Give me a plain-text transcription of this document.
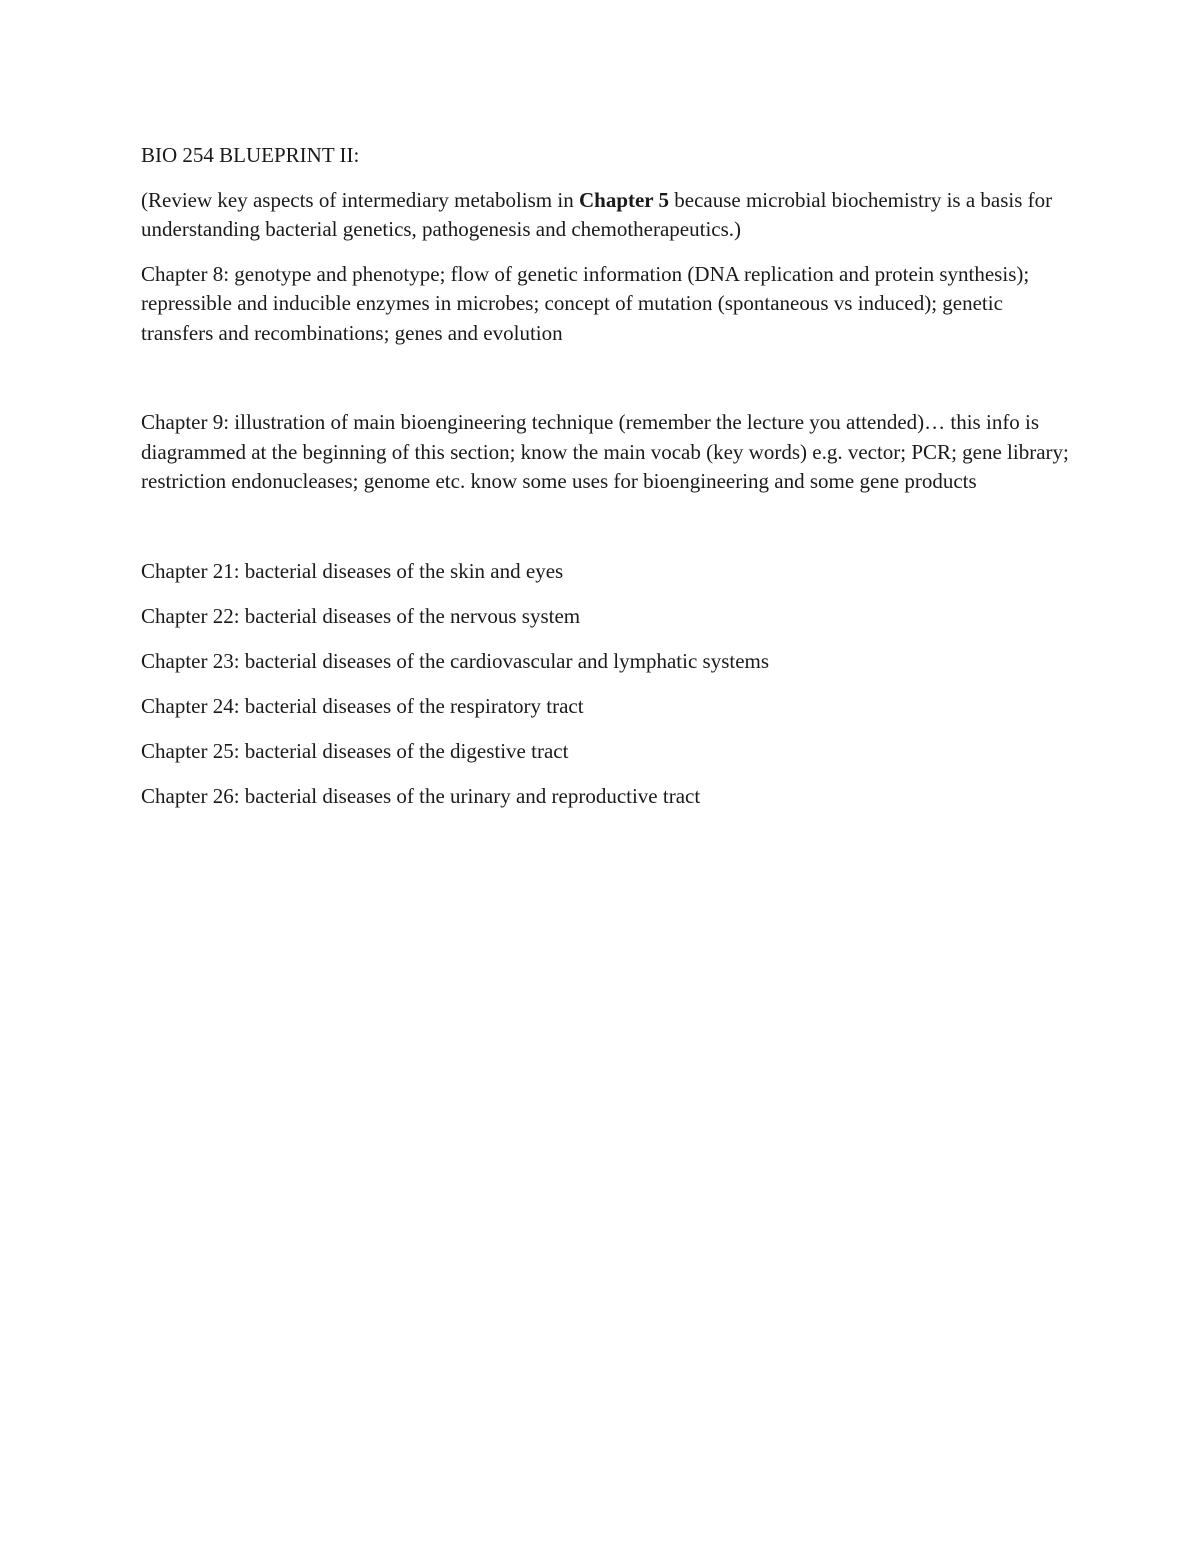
BIO 254 BLUEPRINT II:

(Review key aspects of intermediary metabolism in Chapter 5 because microbial biochemistry is a basis for understanding bacterial genetics, pathogenesis and chemotherapeutics.)

Chapter 8: genotype and phenotype; flow of genetic information (DNA replication and protein synthesis); repressible and inducible enzymes in microbes; concept of mutation (spontaneous vs induced); genetic transfers and recombinations; genes and evolution

Chapter 9: illustration of main bioengineering technique (remember the lecture you attended)… this info is diagrammed at the beginning of this section; know the main vocab (key words) e.g. vector; PCR; gene library; restriction endonucleases; genome etc. know some uses for bioengineering and some gene products

Chapter 21: bacterial diseases of the skin and eyes

Chapter 22: bacterial diseases of the nervous system

Chapter 23: bacterial diseases of the cardiovascular and lymphatic systems

Chapter 24: bacterial diseases of the respiratory tract

Chapter 25: bacterial diseases of the digestive tract

Chapter 26: bacterial diseases of the urinary and reproductive tract
